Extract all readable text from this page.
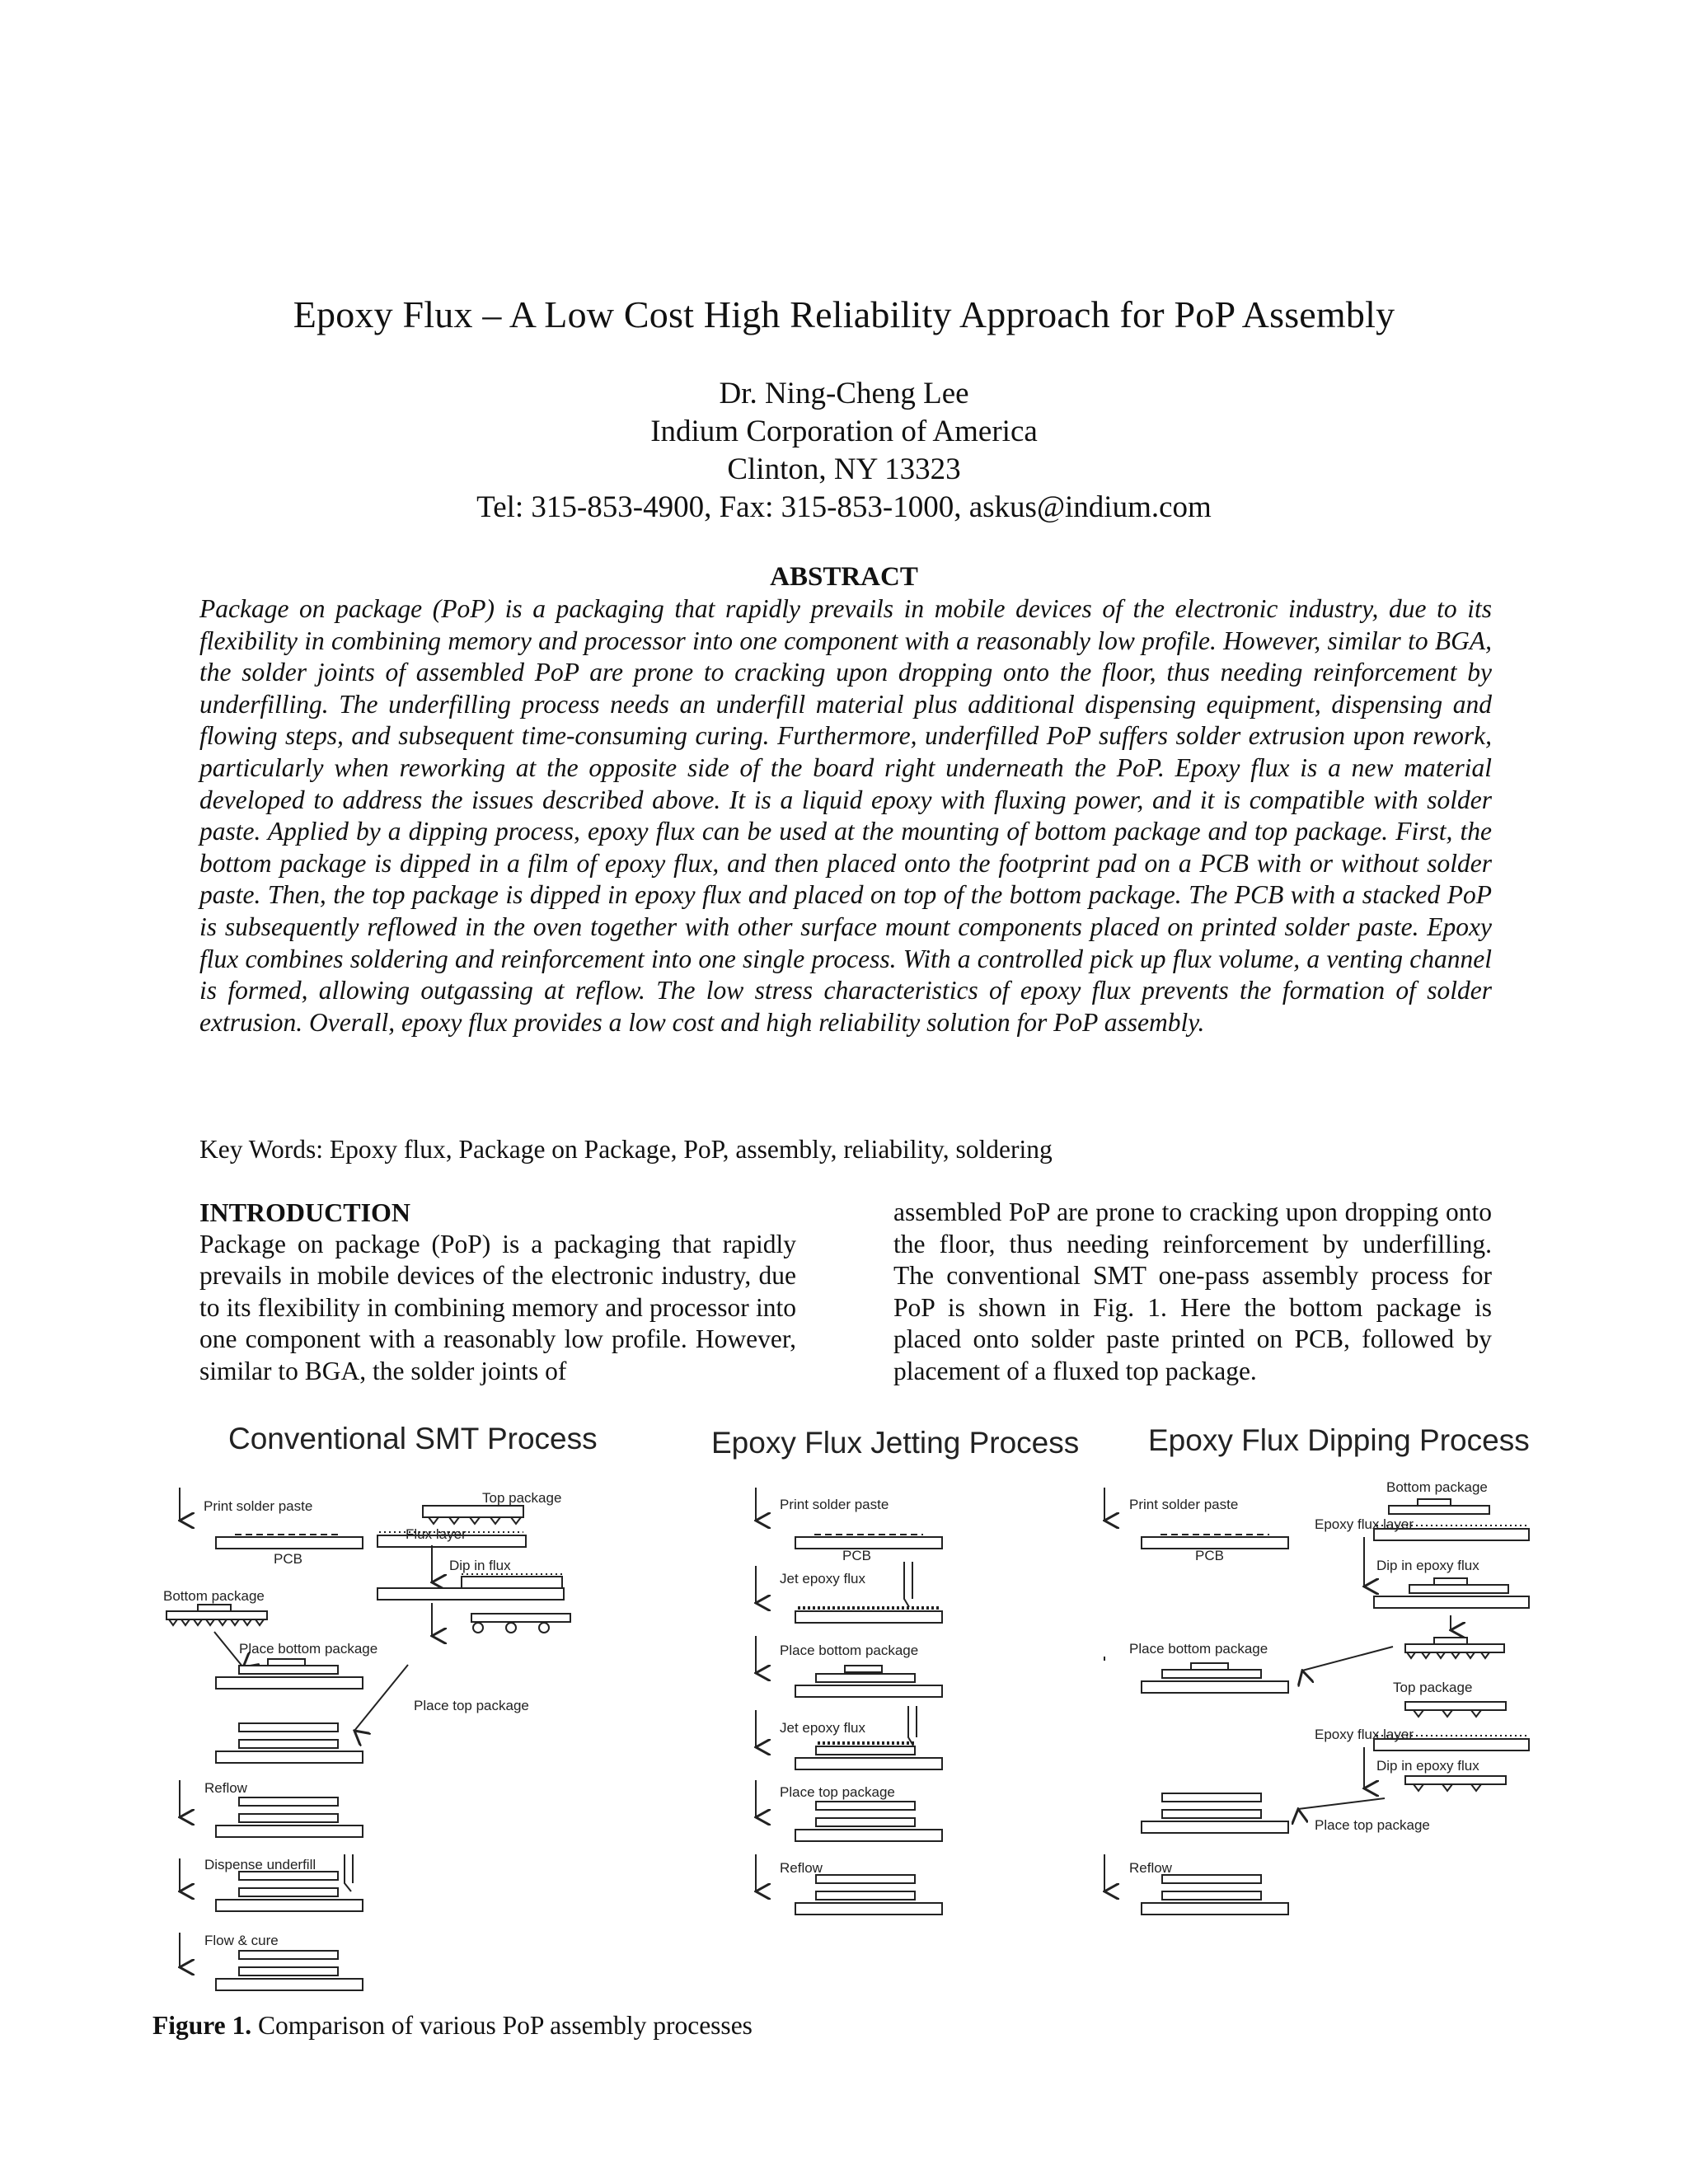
Epoxy Flux – A Low Cost High Reliability Approach for PoP Assembly
Dr. Ning-Cheng Lee
Indium Corporation of America
Clinton, NY 13323
Tel: 315-853-4900, Fax: 315-853-1000, askus@indium.com
ABSTRACT
Package on package (PoP) is a packaging that rapidly prevails in mobile devices of the electronic industry, due to its flexibility in combining memory and processor into one component with a reasonably low profile. However, similar to BGA, the solder joints of assembled PoP are prone to cracking upon dropping onto the floor, thus needing reinforcement by underfilling. The underfilling process needs an underfill material plus additional dispensing equipment, dispensing and flowing steps, and subsequent time-consuming curing. Furthermore, underfilled PoP suffers solder extrusion upon rework, particularly when reworking at the opposite side of the board right underneath the PoP. Epoxy flux is a new material developed to address the issues described above. It is a liquid epoxy with fluxing power, and it is compatible with solder paste. Applied by a dipping process, epoxy flux can be used at the mounting of bottom package and top package. First, the bottom package is dipped in a film of epoxy flux, and then placed onto the footprint pad on a PCB with or without solder paste. Then, the top package is dipped in epoxy flux and placed on top of the bottom package. The PCB with a stacked PoP is subsequently reflowed in the oven together with other surface mount components placed on printed solder paste. Epoxy flux combines soldering and reinforcement into one single process. With a controlled pick up flux volume, a venting channel is formed, allowing outgassing at reflow. The low stress characteristics of epoxy flux prevents the formation of solder extrusion. Overall, epoxy flux provides a low cost and high reliability solution for PoP assembly.
Key Words: Epoxy flux, Package on Package, PoP, assembly, reliability, soldering
INTRODUCTION
Package on package (PoP) is a packaging that rapidly prevails in mobile devices of the electronic industry, due to its flexibility in combining memory and processor into one component with a reasonably low profile. However, similar to BGA, the solder joints of
assembled PoP are prone to cracking upon dropping onto the floor, thus needing reinforcement by underfilling. The conventional SMT one-pass assembly process for PoP is shown in Fig. 1. Here the bottom package is placed onto solder paste printed on PCB, followed by placement of a fluxed top package.
Conventional SMT Process
Print solder paste
PCB
Top package
Flux layer
Dip in flux
Bottom package
Place bottom package
Place top package
Reflow
Dispense underfill
Flow & cure
Epoxy Flux Jetting Process
Print solder paste
PCB
Jet epoxy flux
Place bottom package
Jet epoxy flux
Place top package
Reflow
Epoxy Flux Dipping Process
Print solder paste
PCB
Bottom package
Epoxy flux layer
Dip in epoxy flux
Place bottom package
Top package
Epoxy flux layer
Dip in epoxy flux
Place top package
Reflow
Figure 1. Comparison of various PoP assembly processes
